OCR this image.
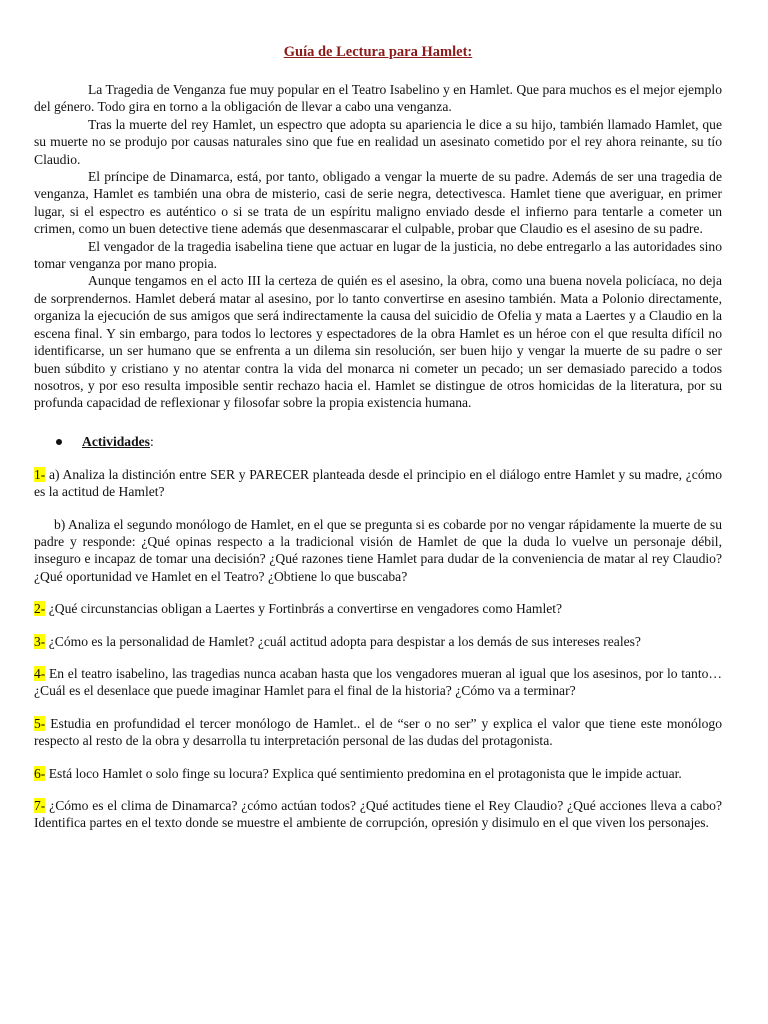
Guía de Lectura para Hamlet:

La Tragedia de Venganza fue muy popular en el Teatro Isabelino y en Hamlet. Que para muchos es el mejor ejemplo del género. Todo gira en torno a la obligación de llevar a cabo una venganza.

Tras la muerte del rey Hamlet, un espectro que adopta su apariencia le dice a su hijo, también llamado Hamlet, que su muerte no se produjo por causas naturales sino que fue en realidad un asesinato cometido por el rey ahora reinante, su tío Claudio.

El príncipe de Dinamarca, está, por tanto, obligado a vengar la muerte de su padre. Además de ser una tragedia de venganza, Hamlet es también una obra de misterio, casi de serie negra, detectivesca. Hamlet tiene que averiguar, en primer lugar, si el espectro es auténtico o si se trata de un espíritu maligno enviado desde el infierno para tentarle a cometer un crimen, como un buen detective tiene además que desenmascarar el culpable, probar que Claudio es el asesino de su padre.

El vengador de la tragedia isabelina tiene que actuar en lugar de la justicia, no debe entregarlo a las autoridades sino tomar venganza por mano propia.

Aunque tengamos en el acto III la certeza de quién es el asesino, la obra, como una buena novela policíaca, no deja de sorprendernos. Hamlet deberá matar al asesino, por lo tanto convertirse en asesino también. Mata a Polonio directamente, organiza la ejecución de sus amigos que será indirectamente la causa del suicidio de Ofelia y mata a Laertes y a Claudio en la escena final. Y sin embargo, para todos lo lectores y espectadores de la obra Hamlet es un héroe con el que resulta difícil no identificarse, un ser humano que se enfrenta a un dilema sin resolución, ser buen hijo y vengar la muerte de su padre o ser buen súbdito y cristiano y no atentar contra la vida del monarca ni cometer un pecado; un ser demasiado parecido a todos nosotros, y por eso resulta imposible sentir rechazo hacia el. Hamlet se distingue de otros homicidas de la literatura, por su profunda capacidad de reflexionar y filosofar sobre la propia existencia humana.

Actividades :

1- a) Analiza la distinción entre SER y PARECER planteada desde el principio en el diálogo entre Hamlet y su madre, ¿cómo es la actitud de Hamlet?

b) Analiza el segundo monólogo de Hamlet, en el que se pregunta si es cobarde por no vengar rápidamente la muerte de su padre y responde: ¿Qué opinas respecto a la tradicional visión de Hamlet de que la duda lo vuelve un personaje débil, inseguro e incapaz de tomar una decisión? ¿Qué razones tiene Hamlet para dudar de la conveniencia de matar al rey Claudio? ¿Qué oportunidad ve Hamlet en el Teatro? ¿Obtiene lo que buscaba?

2- ¿Qué circunstancias obligan a Laertes y Fortinbrás a convertirse en vengadores como Hamlet?

3- ¿Cómo es la personalidad de Hamlet? ¿cuál actitud adopta para despistar a los demás de sus intereses reales?

4- En el teatro isabelino, las tragedias nunca acaban hasta que los vengadores mueran al igual que los asesinos, por lo tanto… ¿Cuál es el desenlace que puede imaginar Hamlet para el final de la historia? ¿Cómo va a terminar?

5- Estudia en profundidad el tercer monólogo de Hamlet.. el de “ser o no ser” y explica el valor que tiene este monólogo respecto al resto de la obra y desarrolla tu interpretación personal de las dudas del protagonista.

6- Está loco Hamlet o solo finge su locura? Explica qué sentimiento predomina en el protagonista que le impide actuar.

7- ¿Cómo es el clima de Dinamarca? ¿cómo actúan todos? ¿Qué actitudes tiene el Rey Claudio? ¿Qué acciones lleva a cabo? Identifica partes en el texto donde se muestre el ambiente de corrupción, opresión y disimulo en el que viven los personajes.
